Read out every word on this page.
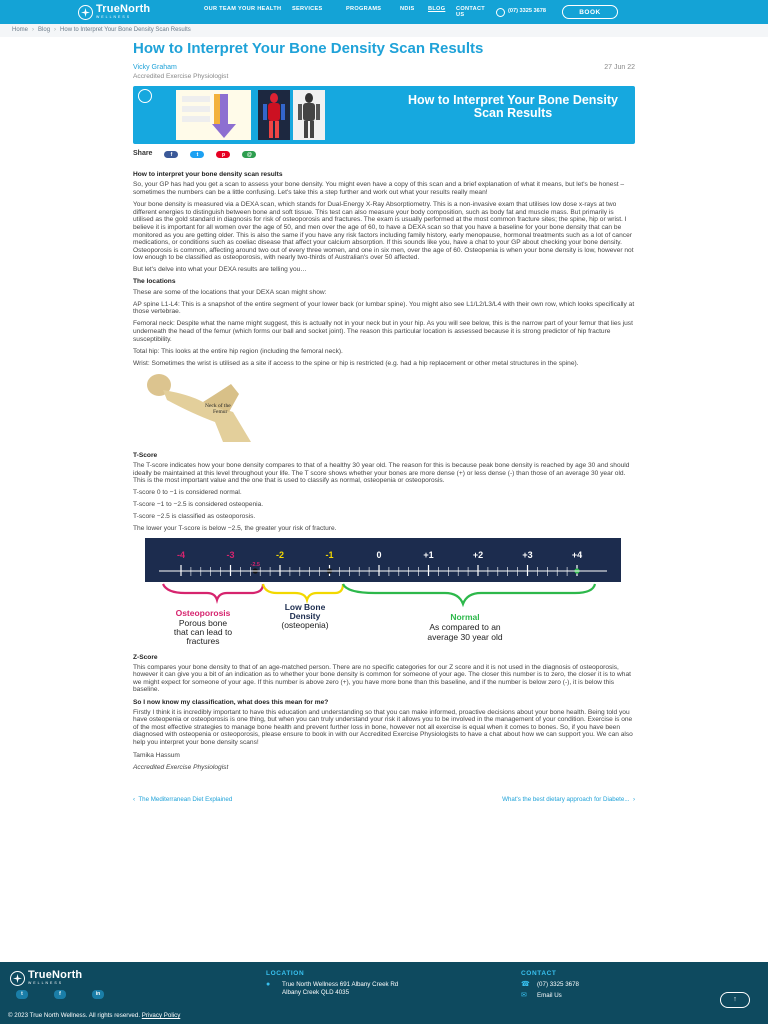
TrueNorth
WELLNESS
OUR TEAM YOUR HEALTH	SERVICES	PROGRAMS	NDIS	BLOG	CONTACT US
(07) 3325 3678	BOOK
Home › Blog › How to Interpret Your Bone Density Scan Results
How to Interpret Your Bone Density Scan Results
Vicky Graham
Accredited Exercise Physiologist
27 Jun 22
How to Interpret Your Bone Density Scan Results
Share	f	t	p	@

How to interpret your bone density scan results

So, your GP has had you get a scan to assess your bone density. You might even have a copy of this scan and a brief explanation of what it means, but let's be honest – sometimes the numbers can be a little confusing. Let's take this a step further and work out what your results really mean!

Your bone density is measured via a DEXA scan, which stands for Dual-Energy X-Ray Absorptiometry. This is a non-invasive exam that utilises low dose x-rays at two different energies to distinguish between bone and soft tissue. This test can also measure your body composition, such as body fat and muscle mass. But primarily is utilised as the gold standard in diagnosis for risk of osteoporosis and fractures. The exam is usually performed at the most common fracture sites; the spine, hip or wrist. I believe it is important for all women over the age of 50, and men over the age of 60, to have a DEXA scan so that you have a baseline for your bone density that can be monitored as you are getting older. This is also the same if you have any risk factors including family history, early menopause, hormonal treatments such as a lot of cancer medications, or conditions such as coeliac disease that affect your calcium absorption. If this sounds like you, have a chat to your GP about checking your bone density. Osteoporosis is common, affecting around two out of every three women, and one in six men, over the age of 60. Osteopenia is when your bone density is low, however not low enough to be classified as osteoporosis, with nearly two-thirds of Australian's over 50 affected.

But let's delve into what your DEXA results are telling you…

The locations

These are some of the locations that your DEXA scan might show:

AP spine L1-L4: This is a snapshot of the entire segment of your lower back (or lumbar spine). You might also see L1/L2/L3/L4 with their own row, which looks specifically at those vertebrae.

Femoral neck: Despite what the name might suggest, this is actually not in your neck but in your hip. As you will see below, this is the narrow part of your femur that lies just underneath the head of the femur (which forms our ball and socket joint). The reason this particular location is assessed because it is strong predictor of hip fracture susceptibility.

Total hip: This looks at the entire hip region (including the femoral neck).

Wrist: Sometimes the wrist is utilised as a site if access to the spine or hip is restricted (e.g. had a hip replacement or other metal structures in the spine).

Neck of the
Femur

T-Score

The T-score indicates how your bone density compares to that of a healthy 30 year old. The reason for this is because peak bone density is reached by age 30 and should ideally be maintained at this level throughout your life. The T score shows whether your bones are more dense (+) or less dense (-) than those of an average 30 year old. This is the most important value and the one that is used to classify as normal, osteopenia or osteoporosis.

T-score 0 to −1 is considered normal.

T-score −1 to −2.5 is considered osteopenia.

T-score −2.5 is classified as osteoporosis.

The lower your T-score is below −2.5, the greater your risk of fracture.

-4	-3	-2	-1	0	+1	+2	+3	+4
-2.5
Osteoporosis
Porous bone
that can lead to
fractures
Low Bone
Density
(osteopenia)
Normal
As compared to an
average 30 year old

Z-Score

This compares your bone density to that of an age-matched person. There are no specific categories for our Z score and it is not used in the diagnosis of osteoporosis, however it can give you a bit of an indication as to whether your bone density is common for someone of your age. The closer this number is to zero, the closer it is to what we might expect for someone of your age. If this number is above zero (+), you have more bone than this baseline, and if the number is below zero (-), it is below this baseline.

So I now know my classification, what does this mean for me?

Firstly I think it is incredibly important to have this education and understanding so that you can make informed, proactive decisions about your bone health. Being told you have osteopenia or osteoporosis is one thing, but when you can truly understand your risk it allows you to be involved in the management of your condition. Exercise is one of the most effective strategies to manage bone health and prevent further loss in bone, however not all exercise is equal when it comes to bones. So, if you have been diagnosed with osteopenia or osteoporosis, please ensure to book in with our Accredited Exercise Physiologists to have a chat about how we can support you. We can also help you interpret your bone density scans!

Tamika Hassum
Accredited Exercise Physiologist
‹  The Mediterranean Diet Explained	What's the best dietary approach for Diabete...  ›
TrueNorth
WELLNESS
t	f	in
LOCATION
●	True North Wellness 691 Albany Creek Rd
Albany Creek QLD 4035
CONTACT
☎ (07) 3325 3678
✉	Email Us
© 2023 True North Wellness. All rights reserved. Privacy Policy
↑
